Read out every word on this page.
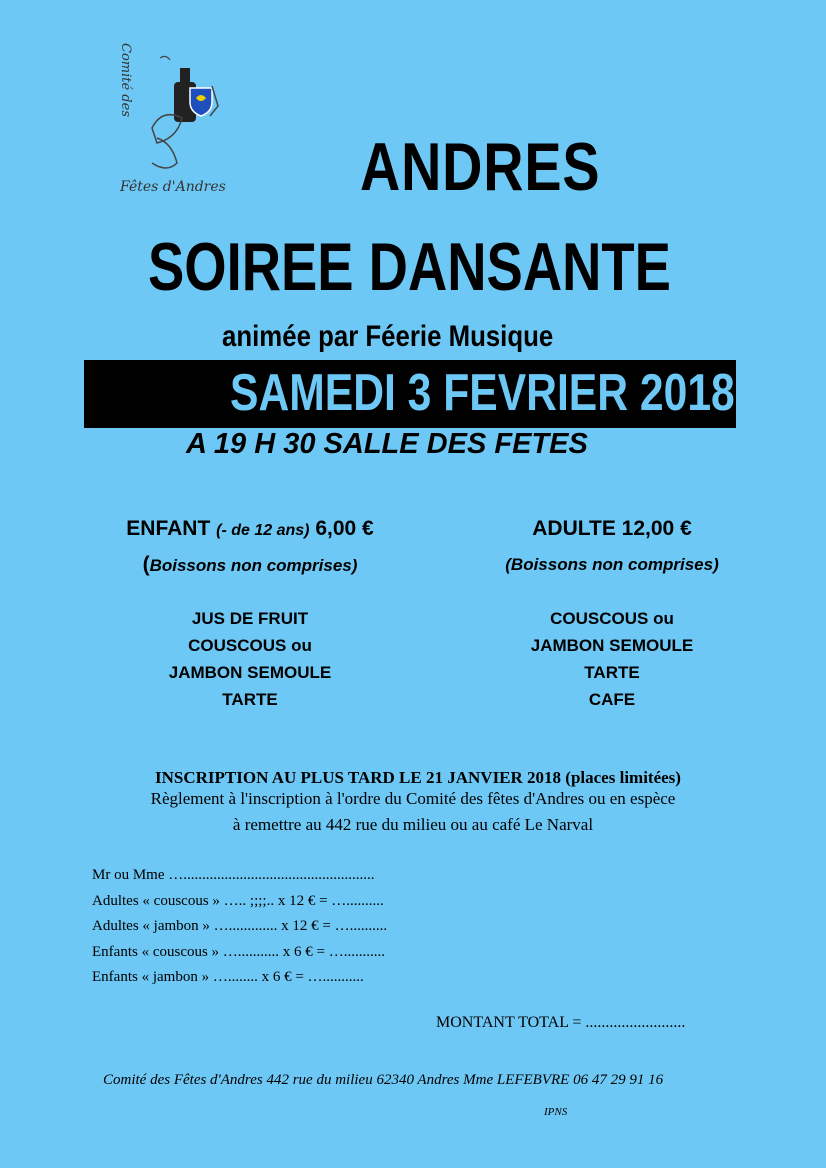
Comité des
Fêtes d'Andres ANDRES
SOIREE DANSANTE
animée par Féerie Musique
SAMEDI 3 FEVRIER 2018
A 19 H 30 SALLE DES FETES
ENFANT (- de 12 ans) 6,00 €
(Boissons non comprises)
JUS DE FRUIT
COUSCOUS ou
JAMBON SEMOULE
TARTE
ADULTE 12,00 €
(Boissons non comprises)
COUSCOUS ou
JAMBON SEMOULE
TARTE
CAFE
INSCRIPTION AU PLUS TARD LE 21 JANVIER 2018 (places limitées)
Règlement à l'inscription à l'ordre du Comité des fêtes d'Andres ou en espèce
à remettre au 442 rue du milieu ou au café Le Narval
Mr ou Mme …...................................................
Adultes « couscous » ….. ;;;;.. x 12 € = …..........
Adultes « jambon » …............. x 12 € = …..........
Enfants « couscous » …........... x 6 € = …...........
Enfants « jambon » …........ x 6 € = …...........
MONTANT TOTAL = .........................
Comité des Fêtes d'Andres 442 rue du milieu 62340 Andres Mme LEFEBVRE 06 47 29 91 16
IPNS
